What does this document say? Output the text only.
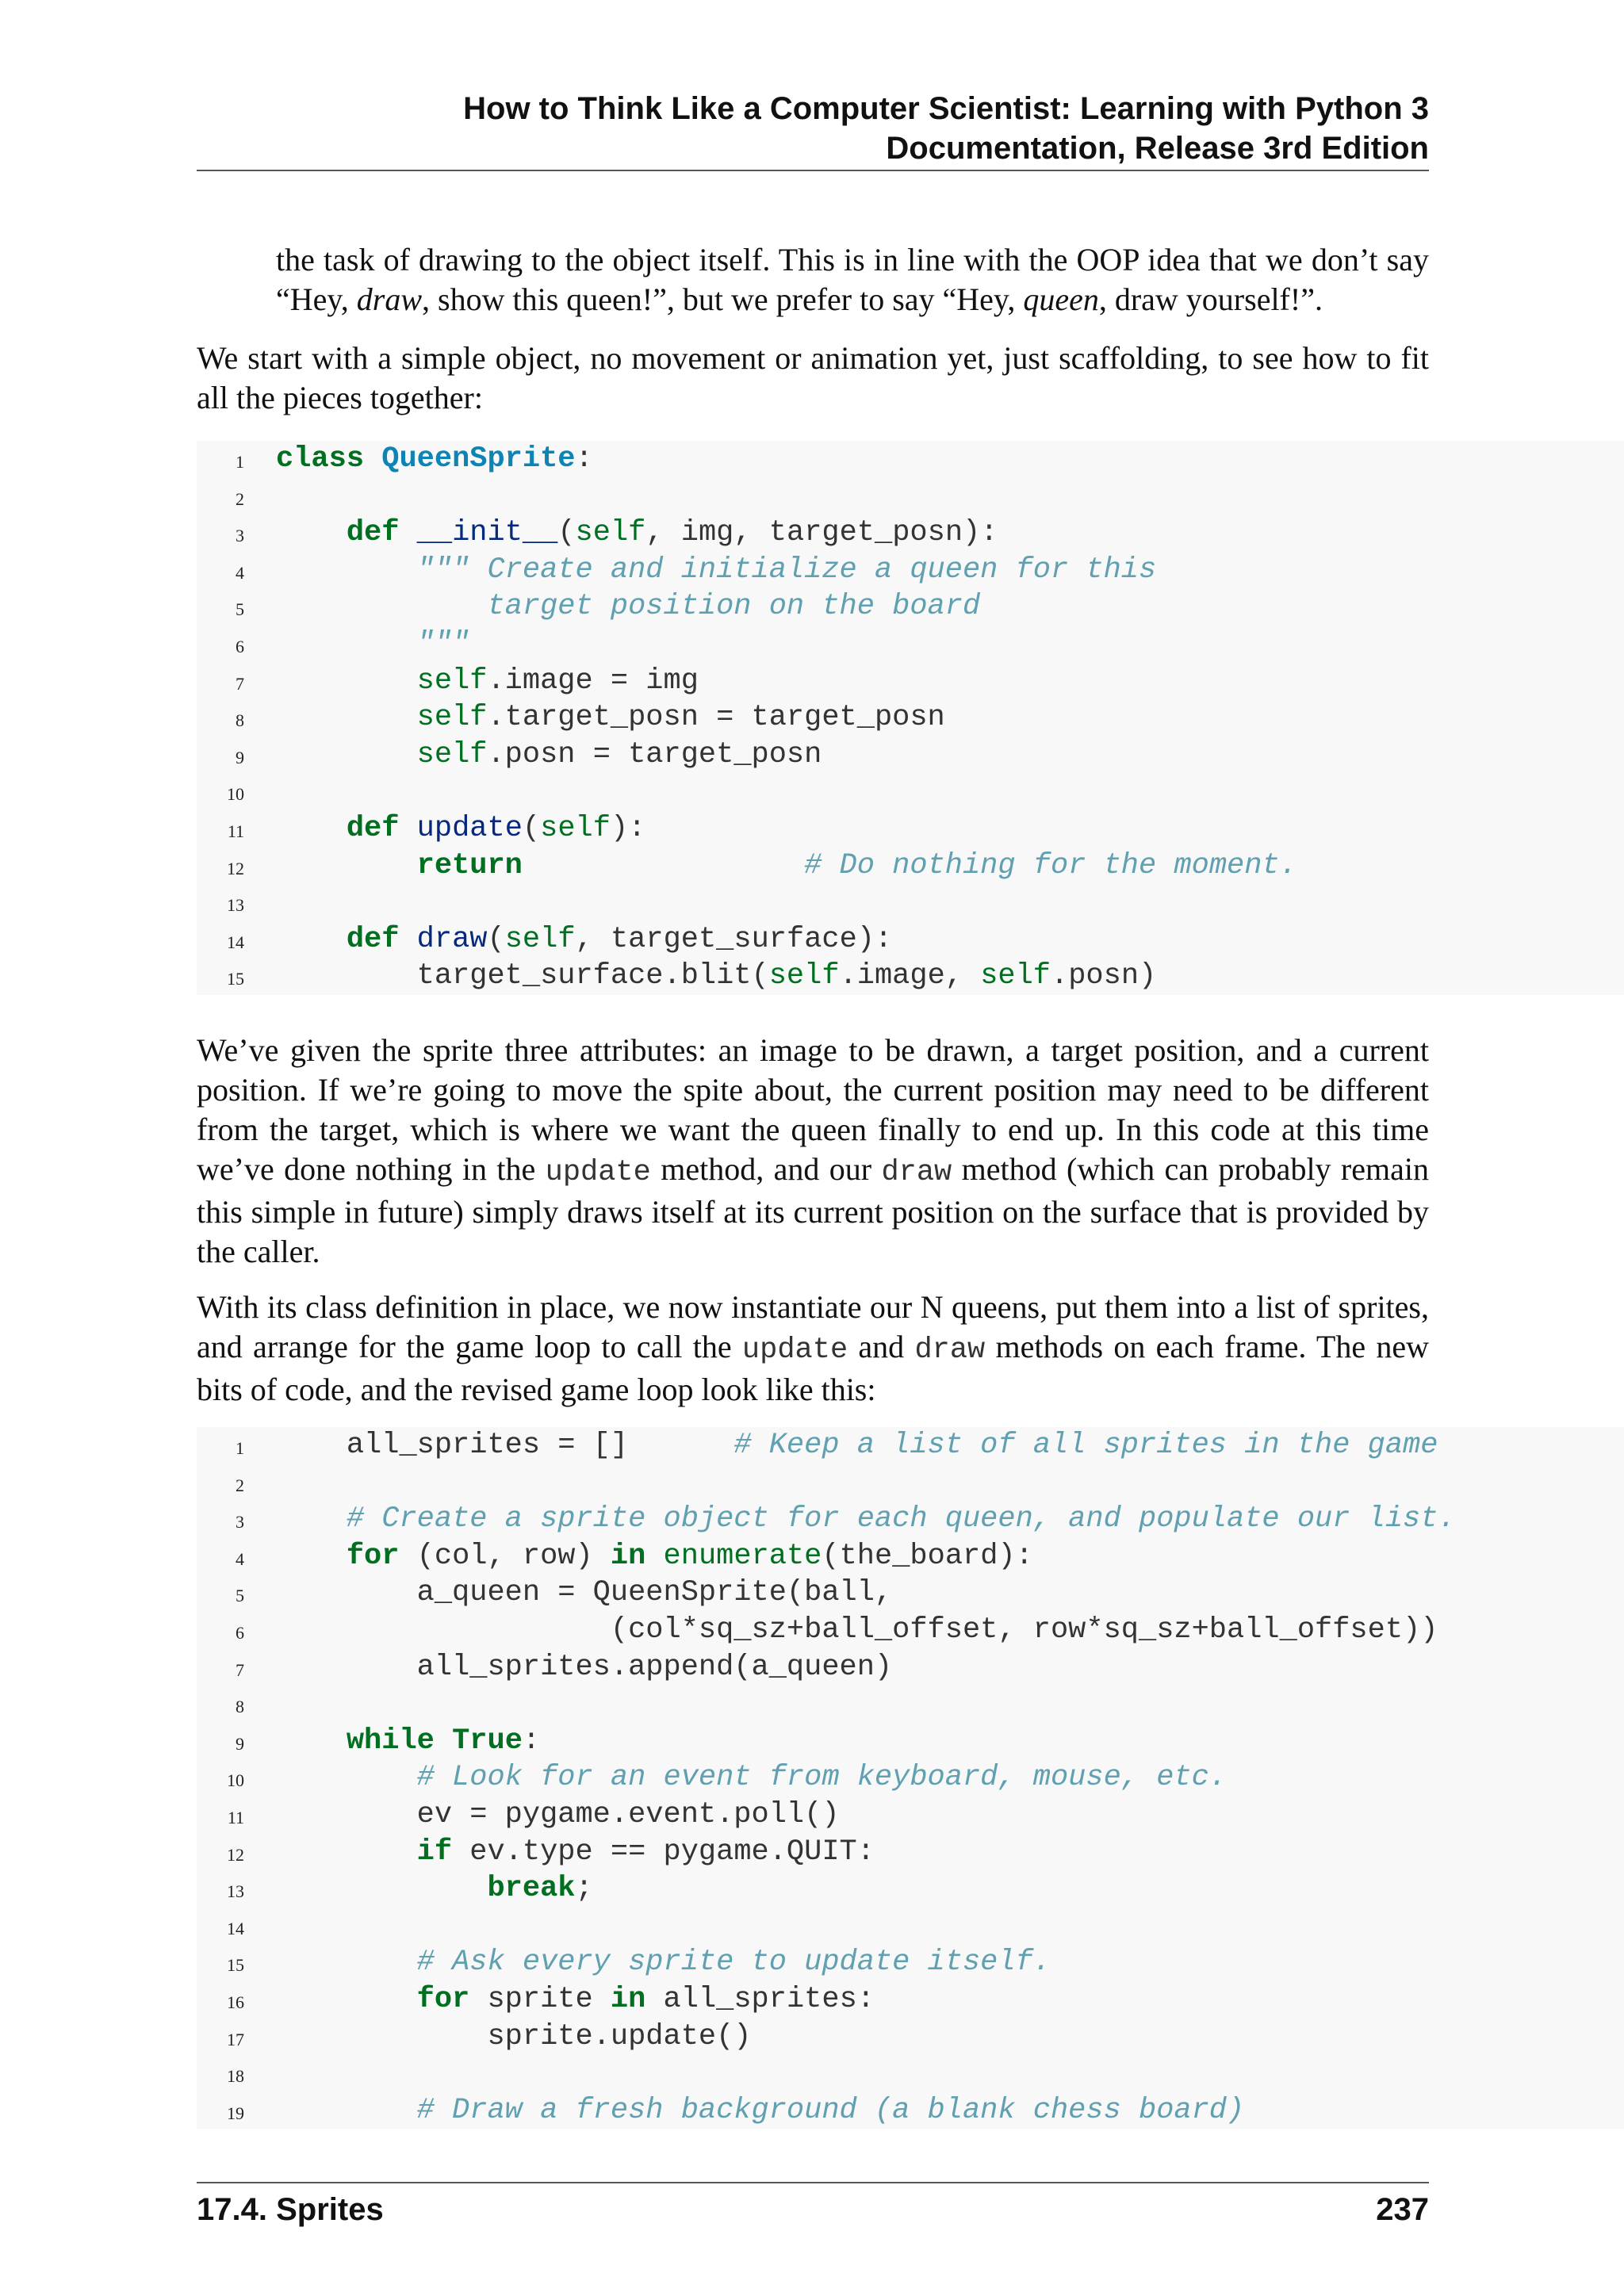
How to Think Like a Computer Scientist: Learning with Python 3
Documentation, Release 3rd Edition
the task of drawing to the object itself. This is in line with the OOP idea that we don’t say “Hey, draw, show this queen!”, but we prefer to say “Hey, queen, draw yourself!”.
We start with a simple object, no movement or animation yet, just scaffolding, to see how to fit all the pieces together:
1 class QueenSprite:
2
3	def __init__(self, img, target_posn):
4	""" Create and initialize a queen for this
5	target position on the board
6	"""
7	self.image = img
8	self.target_posn = target_posn
9	self.posn = target_posn
10
11	def update(self):
12	return	# Do nothing for the moment.
13
14	def draw(self, target_surface):
15	target_surface.blit(self.image, self.posn)
We’ve given the sprite three attributes: an image to be drawn, a target position, and a current position. If we’re going to move the spite about, the current position may need to be different from the target, which is where we want the queen finally to end up. In this code at this time we’ve done nothing in the update method, and our draw method (which can probably remain this simple in future) simply draws itself at its current position on the surface that is provided by the caller.
With its class definition in place, we now instantiate our N queens, put them into a list of sprites, and arrange for the game loop to call the update and draw methods on each frame. The new bits of code, and the revised game loop look like this:
1	all_sprites = []      # Keep a list of all sprites in the game
2
3	# Create a sprite object for each queen, and populate our list.
4	for (col, row) in enumerate(the_board):
5	a_queen = QueenSprite(ball,
6	(col*sq_sz+ball_offset, row*sq_sz+ball_offset))
7	all_sprites.append(a_queen)
8
9	while True:
10	# Look for an event from keyboard, mouse, etc.
11	ev = pygame.event.poll()
12	if ev.type == pygame.QUIT:
13	break;
14
15	# Ask every sprite to update itself.
16	for sprite in all_sprites:
17	sprite.update()
18
19	# Draw a fresh background (a blank chess board)
17.4. Sprites	237
